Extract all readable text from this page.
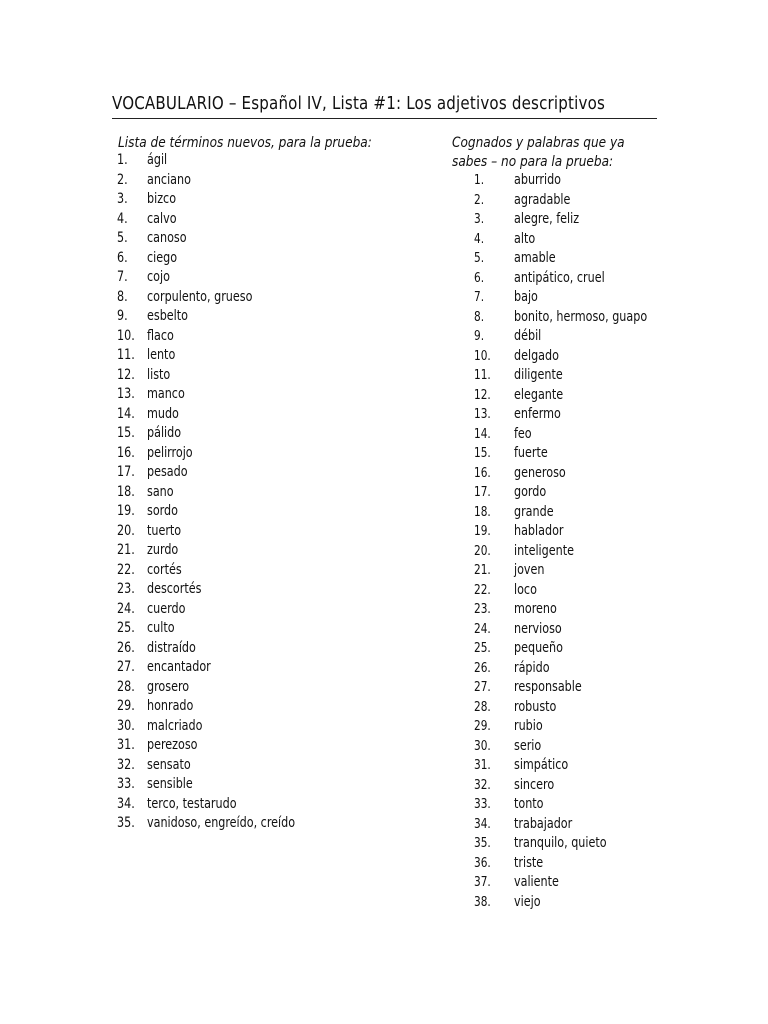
VOCABULARIO – Español IV, Lista #1: Los adjetivos descriptivos
Lista de términos nuevos, para la prueba:	Cognados y palabras que ya
sabes – no para la prueba:
1. ágil
2. anciano
3. bizco
4. calvo
5. canoso
6. ciego
7. cojo
8. corpulento, grueso
9. esbelto
10. flaco
11. lento
12. listo
13. manco
14. mudo
15. pálido
16. pelirrojo
17. pesado
18. sano
19. sordo
20. tuerto
21. zurdo
22. cortés
23. descortés
24. cuerdo
25. culto
26. distraído
27. encantador
28. grosero
29. honrado
30. malcriado
31. perezoso
32. sensato
33. sensible
34. terco, testarudo
35. vanidoso, engreído, creído
1. aburrido
2. agradable
3. alegre, feliz
4. alto
5. amable
6. antipático, cruel
7. bajo
8. bonito, hermoso, guapo
9. débil
10. delgado
11. diligente
12. elegante
13. enfermo
14. feo
15. fuerte
16. generoso
17. gordo
18. grande
19. hablador
20. inteligente
21. joven
22. loco
23. moreno
24. nervioso
25. pequeño
26. rápido
27. responsable
28. robusto
29. rubio
30. serio
31. simpático
32. sincero
33. tonto
34. trabajador
35. tranquilo, quieto
36. triste
37. valiente
38. viejo
